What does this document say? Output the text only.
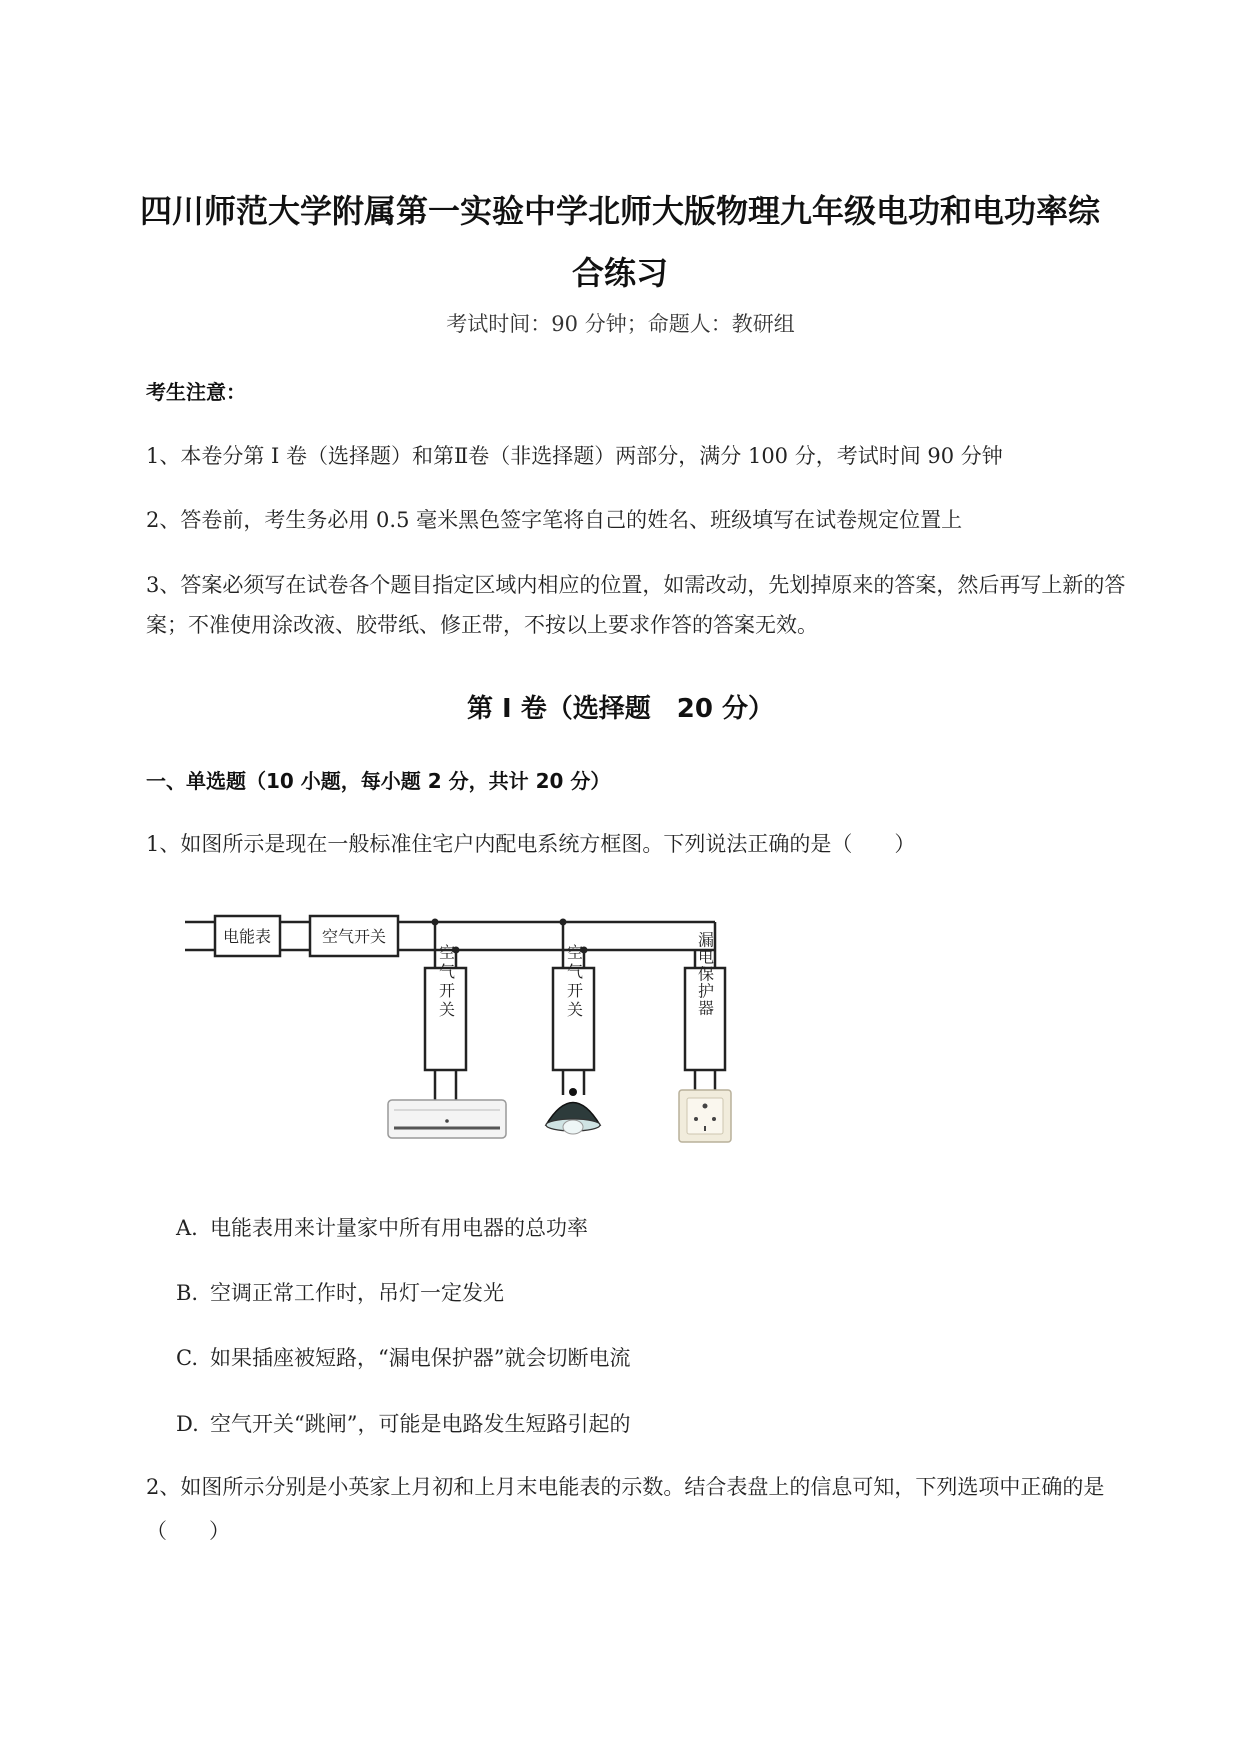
四川师范大学附属第一实验中学北师大版物理九年级电功和电功率综合练习
考试时间：90 分钟；命题人：教研组
考生注意：
1、本卷分第 I 卷（选择题）和第Ⅱ卷（非选择题）两部分，满分 100 分，考试时间 90 分钟
2、答卷前，考生务必用 0.5 毫米黑色签字笔将自己的姓名、班级填写在试卷规定位置上
3、答案必须写在试卷各个题目指定区域内相应的位置，如需改动，先划掉原来的答案，然后再写上新的答案；不准使用涂改液、胶带纸、修正带，不按以上要求作答的答案无效。
第 I 卷（选择题　20 分）
一、单选题（10 小题，每小题 2 分，共计 20 分）
1、如图所示是现在一般标准住宅户内配电系统方框图。下列说法正确的是（　　）
电能表	空气开关
空气开关	空气开关	漏电保护器
A. 电能表用来计量家中所有用电器的总功率
B. 空调正常工作时，吊灯一定发光
C. 如果插座被短路，“漏电保护器”就会切断电流
D. 空气开关“跳闸”，可能是电路发生短路引起的
2、如图所示分别是小英家上月初和上月末电能表的示数。结合表盘上的信息可知，下列选项中正确的是（　　）
